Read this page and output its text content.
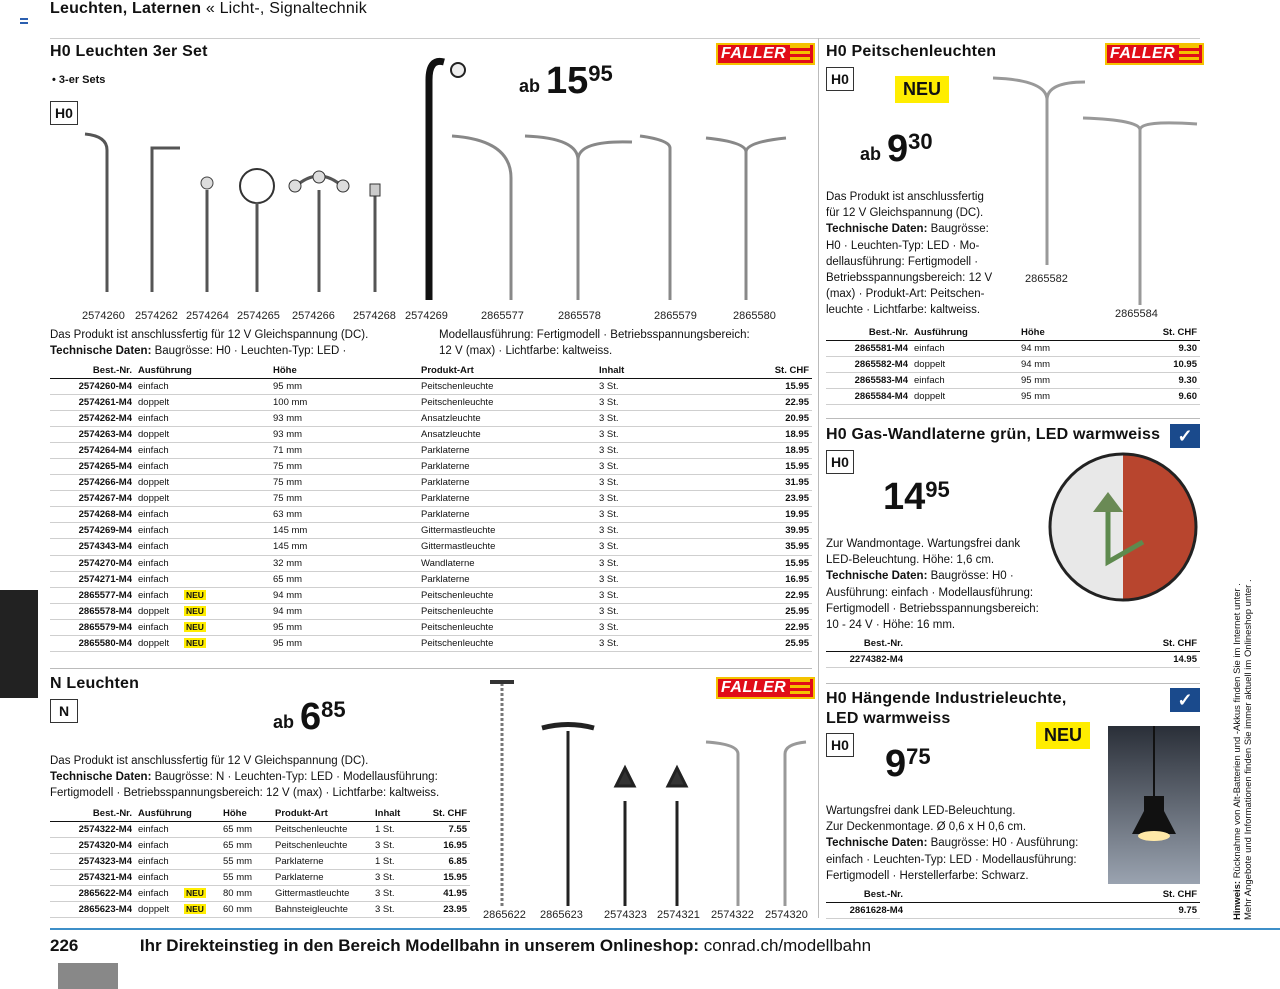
Leuchten, Laternen « Licht-, Signaltechnik
H0 Leuchten 3er Set
• 3-er Sets
H0
FALLER
ab 15 95
2574260 2574262 2574264 2574265 2574266 2574268 2574269	2865577	2865578	2865579	2865580
Das Produkt ist anschlussfertig für 12 V Gleichspannung (DC).
Technische Daten: Baugrösse: H0 · Leuchten-Typ: LED ·
Modellausführung: Fertigmodell · Betriebsspannungsbereich:
12 V (max) · Lichtfarbe: kaltweiss.
Best.-Nr.	Ausführung	Höhe	Produkt-Art	Inhalt	St. CHF
2574260-M4	einfach	95 mm	Peitschenleuchte	3 St.	15.95
2574261-M4	doppelt	100 mm	Peitschenleuchte	3 St.	22.95
2574262-M4	einfach	93 mm	Ansatzleuchte	3 St.	20.95
2574263-M4	doppelt	93 mm	Ansatzleuchte	3 St.	18.95
2574264-M4	einfach	71 mm	Parklaterne	3 St.	18.95
2574265-M4	einfach	75 mm	Parklaterne	3 St.	15.95
2574266-M4	doppelt	75 mm	Parklaterne	3 St.	31.95
2574267-M4	doppelt	75 mm	Parklaterne	3 St.	23.95
2574268-M4	einfach	63 mm	Parklaterne	3 St.	19.95
2574269-M4	einfach	145 mm	Gittermastleuchte	3 St.	39.95
2574343-M4	einfach	145 mm	Gittermastleuchte	3 St.	35.95
2574270-M4	einfach	32 mm	Wandlaterne	3 St.	15.95
2574271-M4	einfach	65 mm	Parklaterne	3 St.	16.95
2865577-M4	einfach NEU	94 mm	Peitschenleuchte	3 St.	22.95
2865578-M4	doppelt NEU	94 mm	Peitschenleuchte	3 St.	25.95
2865579-M4	einfach NEU	95 mm	Peitschenleuchte	3 St.	22.95
2865580-M4	doppelt NEU	95 mm	Peitschenleuchte	3 St.	25.95
N Leuchten
N
FALLER
ab 6 85
Das Produkt ist anschlussfertig für 12 V Gleichspannung (DC).
Technische Daten: Baugrösse: N · Leuchten-Typ: LED · Modellausführung:
Fertigmodell · Betriebsspannungsbereich: 12 V (max) · Lichtfarbe: kaltweiss.
Best.-Nr.	Ausführung	Höhe	Produkt-Art	Inhalt	St. CHF
2574322-M4	einfach	65 mm	Peitschenleuchte	1 St.	7.55
2574320-M4	einfach	65 mm	Peitschenleuchte	3 St.	16.95
2574323-M4	einfach	55 mm	Parklaterne	1 St.	6.85
2574321-M4	einfach	55 mm	Parklaterne	3 St.	15.95
2865622-M4	einfach NEU	80 mm	Gittermastleuchte	3 St.	41.95
2865623-M4	doppelt NEU	60 mm	Bahnsteigleuchte	3 St.	23.95 2865622 2865623 2574323 2574321 2574322 2574320
H0 Peitschenleuchten	FALLER
H0	NEU
ab 9 30
2865582
2865584
Das Produkt ist anschlussfertig
für 12 V Gleichspannung (DC).
Technische Daten: Baugrösse:
H0 · Leuchten-Typ: LED · Mo-
dellausführung: Fertigmodell ·
Betriebsspannungsbereich: 12 V
(max) · Produkt-Art: Peitschen-
leuchte · Lichtfarbe: kaltweiss.
Best.-Nr.	Ausführung	Höhe	St. CHF
2865581-M4	einfach	94 mm	9.30
2865582-M4	doppelt	94 mm	10.95
2865583-M4	einfach	95 mm	9.30
2865584-M4	doppelt	95 mm	9.60
H0 Gas-Wandlaterne grün, LED warmweiss ✓
H0
14 95
Zur Wandmontage. Wartungsfrei dank
LED-Beleuchtung. Höhe: 1,6 cm.
Technische Daten: Baugrösse: H0 ·
Ausführung: einfach · Modellausführung:
Fertigmodell · Betriebsspannungsbereich:
10 - 24 V · Höhe: 16 mm.
Best.-Nr.	St. CHF
2274382-M4	14.95
H0 Hängende Industrieleuchte,
LED warmweiss
✓
H0	NEU
9 75
Wartungsfrei dank LED-Beleuchtung.
Zur Deckenmontage. Ø 0,6 x H 0,6 cm.
Technische Daten: Baugrösse: H0 · Ausführung:
einfach · Leuchten-Typ: LED · Modellausführung:
Fertigmodell · Herstellerfarbe: Schwarz.
Best.-Nr.	St. CHF
2861628-M4	9.75	Hinweis: Rücknahme von Alt-Batterien und -Akkus finden Sie im Internet unter .
Mehr Angebote und Informationen finden Sie immer aktuell im Onlineshop unter .
226	Ihr Direkteinstieg in den Bereich Modellbahn in unserem Onlineshop: conrad.ch/modellbahn
